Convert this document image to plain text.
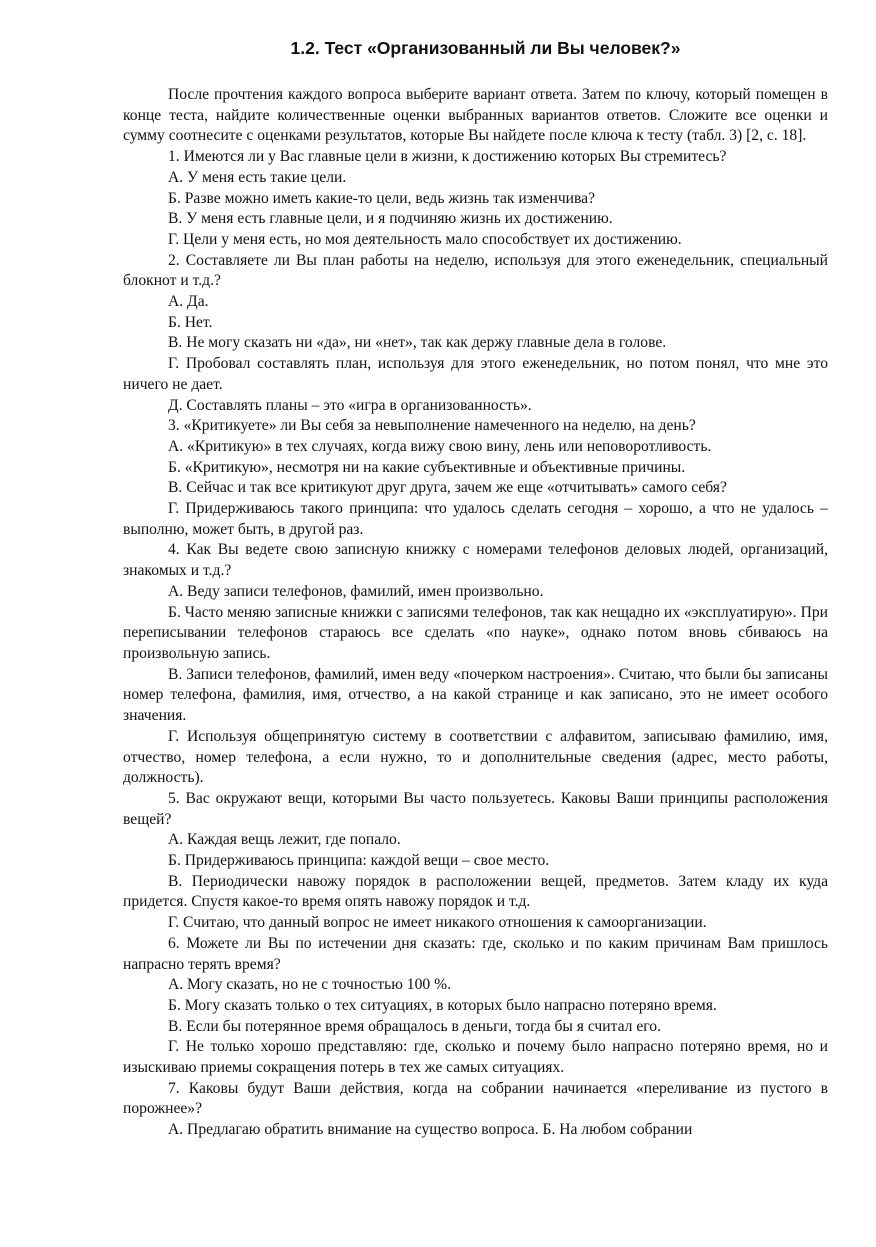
1.2. Тест «Организованный ли Вы человек?»

После прочтения каждого вопроса выберите вариант ответа. Затем по ключу, который помещен в конце теста, найдите количественные оценки выбранных вариантов ответов. Сложите все оценки и сумму соотнесите с оценками результатов, которые Вы найдете после ключа к тесту (табл. 3) [2, с. 18].

1. Имеются ли у Вас главные цели в жизни, к достижению которых Вы стремитесь?

А. У меня есть такие цели.

Б. Разве можно иметь какие-то цели, ведь жизнь так изменчива?

В. У меня есть главные цели, и я подчиняю жизнь их достижению.

Г. Цели у меня есть, но моя деятельность мало способствует их достижению.

2. Составляете ли Вы план работы на неделю, используя для этого еженедельник, специальный блокнот и т.д.?

А. Да.

Б. Нет.

В. Не могу сказать ни «да», ни «нет», так как держу главные дела в голове.

Г. Пробовал составлять план, используя для этого еженедельник, но потом понял, что мне это ничего не дает.

Д. Составлять планы – это «игра в организованность».

3. «Критикуете» ли Вы себя за невыполнение намеченного на неделю, на день?

А. «Критикую» в тех случаях, когда вижу свою вину, лень или неповоротливость.

Б. «Критикую», несмотря ни на какие субъективные и объективные причины.

В. Сейчас и так все критикуют друг друга, зачем же еще «отчитывать» самого себя?

Г. Придерживаюсь такого принципа: что удалось сделать сегодня – хорошо, а что не удалось – выполню, может быть, в другой раз.

4. Как Вы ведете свою записную книжку с номерами телефонов деловых людей, организаций, знакомых и т.д.?

А. Веду записи телефонов, фамилий, имен произвольно.

Б. Часто меняю записные книжки с записями телефонов, так как нещадно их «эксплуатирую». При переписывании телефонов стараюсь все сделать «по науке», однако потом вновь сбиваюсь на произвольную запись.

В. Записи телефонов, фамилий, имен веду «почерком настроения». Считаю, что были бы записаны номер телефона, фамилия, имя, отчество, а на какой странице и как записано, это не имеет особого значения.

Г. Используя общепринятую систему в соответствии с алфавитом, записываю фамилию, имя, отчество, номер телефона, а если нужно, то и дополнительные сведения (адрес, место работы, должность).

5. Вас окружают вещи, которыми Вы часто пользуетесь. Каковы Ваши принципы расположения вещей?

А. Каждая вещь лежит, где попало.

Б. Придерживаюсь принципа: каждой вещи – свое место.

В. Периодически навожу порядок в расположении вещей, предметов. Затем кладу их куда придется. Спустя какое-то время опять навожу порядок и т.д.

Г. Считаю, что данный вопрос не имеет никакого отношения к самоорганизации.

6. Можете ли Вы по истечении дня сказать: где, сколько и по каким причинам Вам пришлось напрасно терять время?

А. Могу сказать, но не с точностью 100 %.

Б. Могу сказать только о тех ситуациях, в которых было напрасно потеряно время.

В. Если бы потерянное время обращалось в деньги, тогда бы я считал его.

Г. Не только хорошо представляю: где, сколько и почему было напрасно потеряно время, но и изыскиваю приемы сокращения потерь в тех же самых ситуациях.

7. Каковы будут Ваши действия, когда на собрании начинается «переливание из пустого в порожнее»?

А. Предлагаю обратить внимание на существо вопроса. Б. На любом собрании
